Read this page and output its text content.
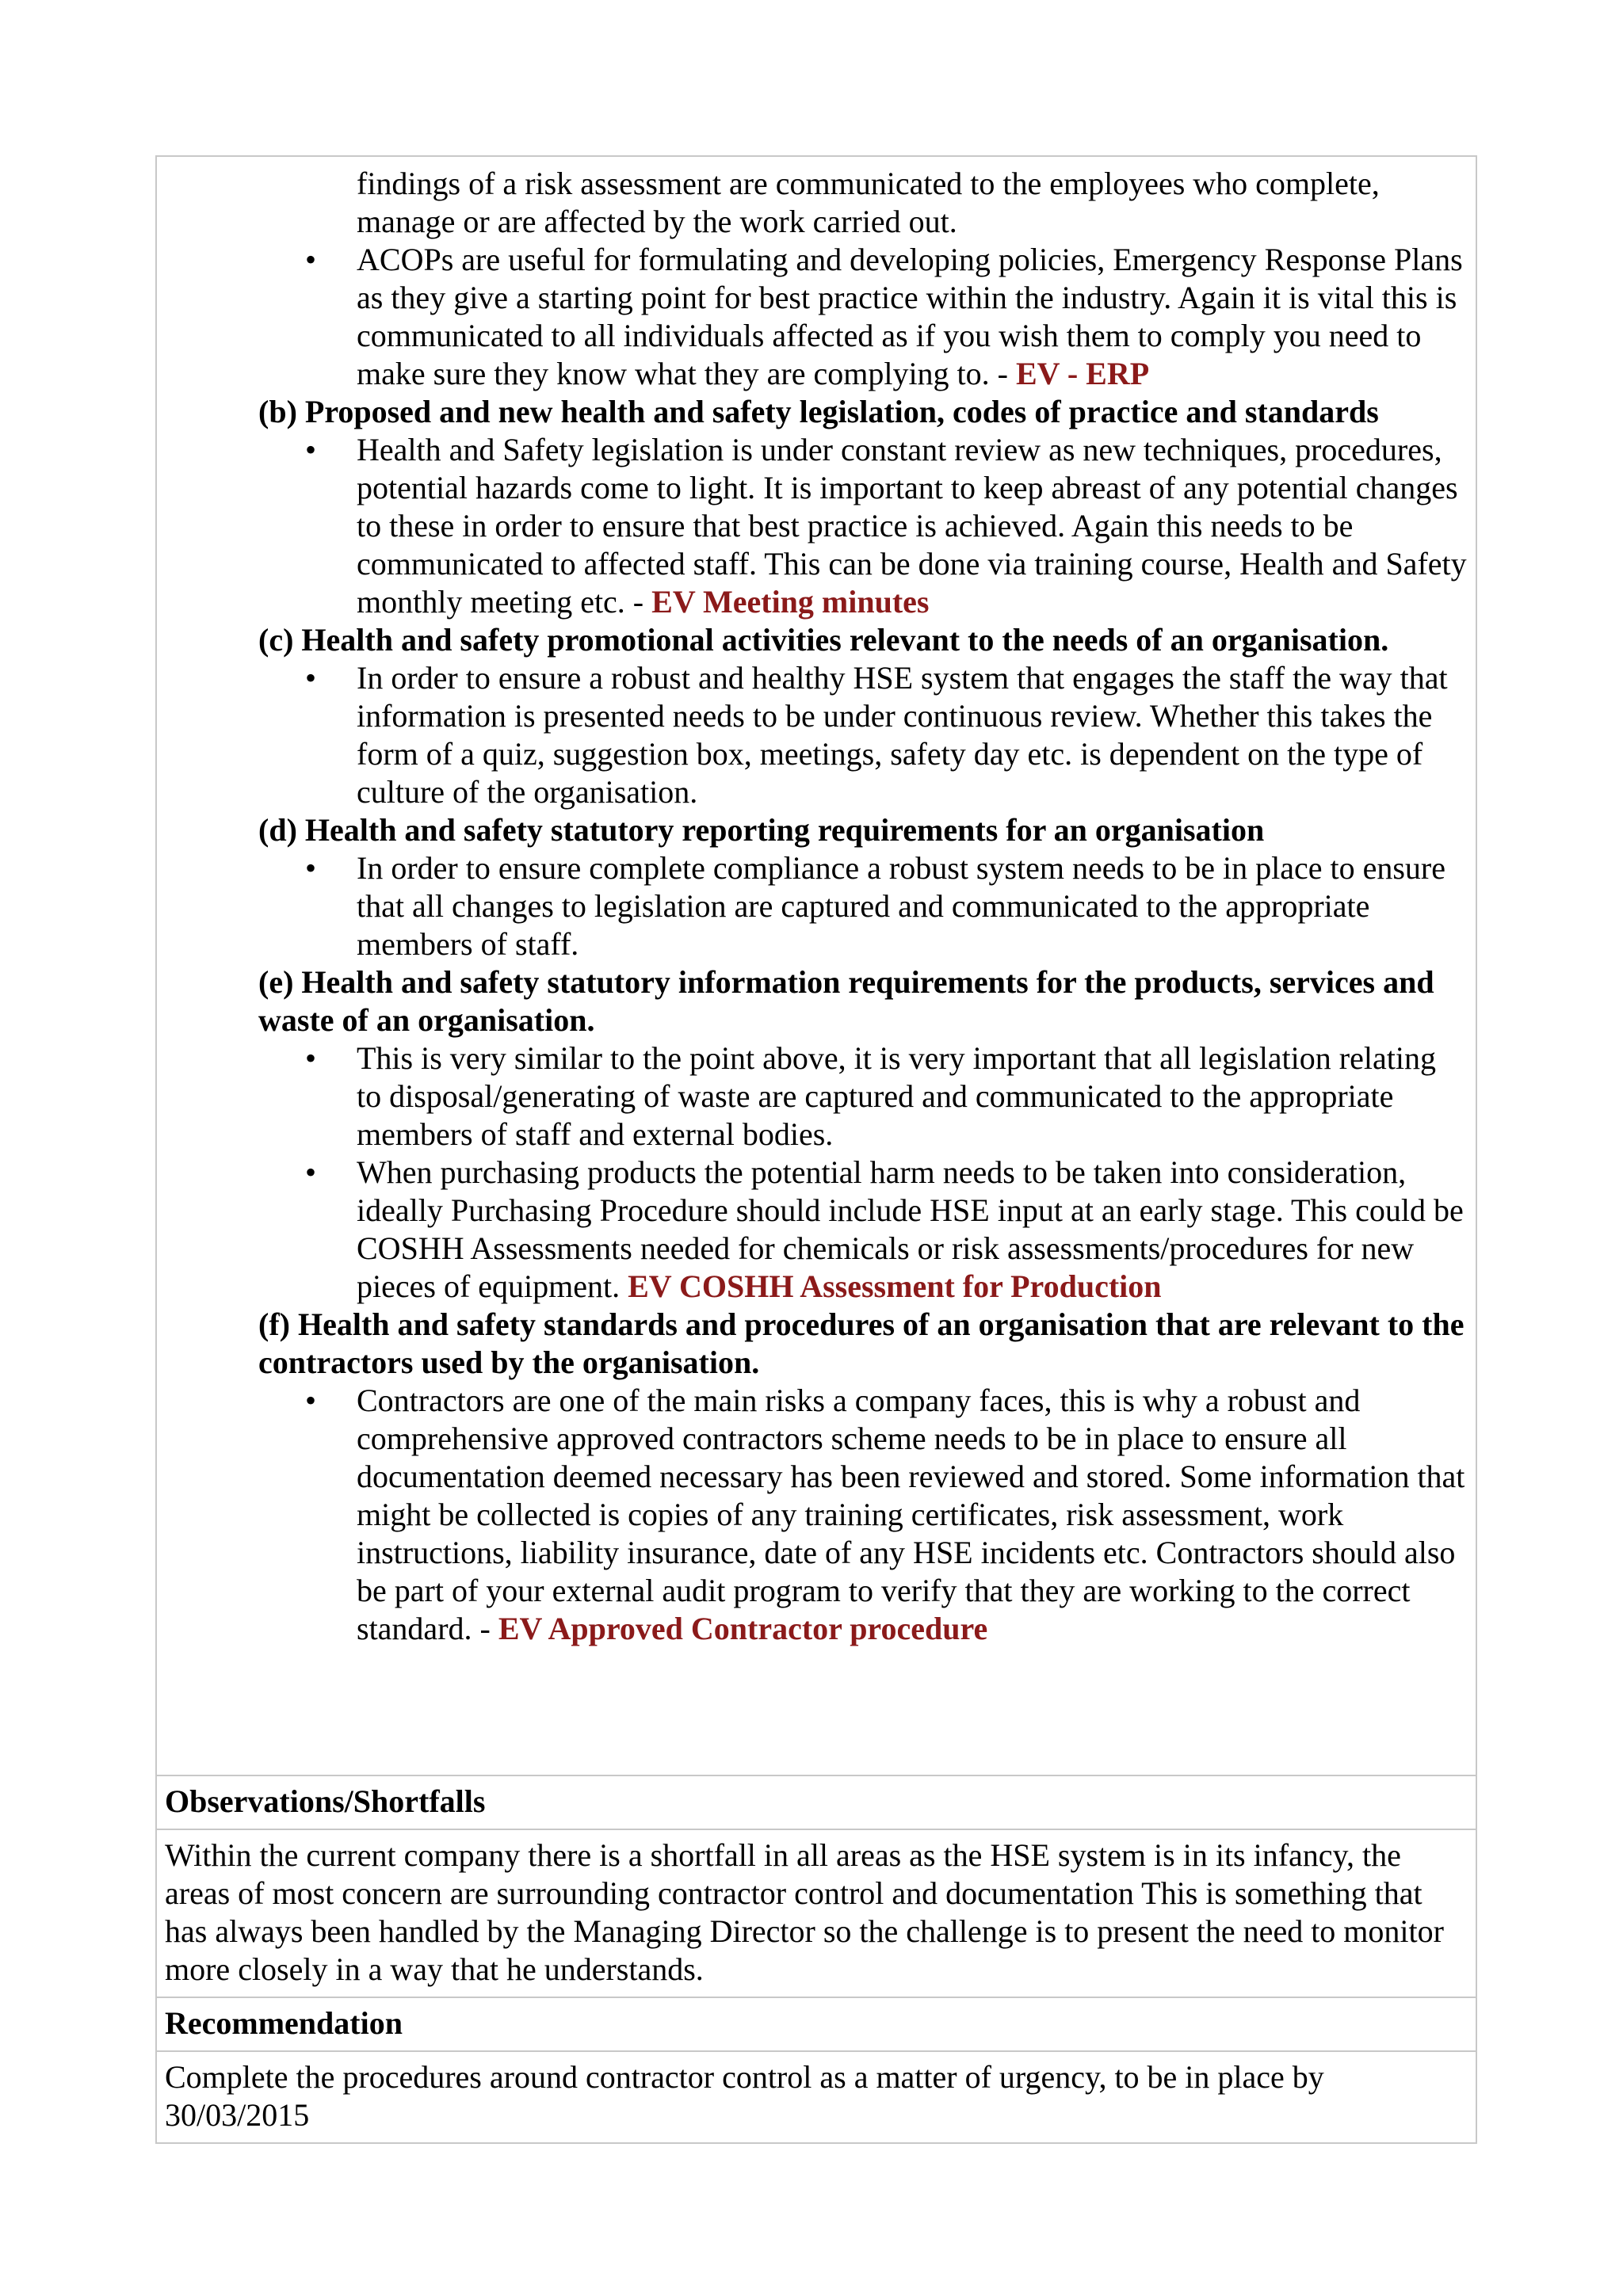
findings of a risk assessment are communicated to the employees who complete, manage or are affected by the work carried out.

• ACOPs are useful for formulating and developing policies, Emergency Response Plans as they give a starting point for best practice within the industry. Again it is vital this is communicated to all individuals affected as if you wish them to comply you need to make sure they know what they are complying to. - EV - ERP

(b) Proposed and new health and safety legislation, codes of practice and standards

• Health and Safety legislation is under constant review as new techniques, procedures, potential hazards come to light. It is important to keep abreast of any potential changes to these in order to ensure that best practice is achieved. Again this needs to be communicated to affected staff. This can be done via training course, Health and Safety monthly meeting etc. - EV Meeting minutes

(c) Health and safety promotional activities relevant to the needs of an organisation.

• In order to ensure a robust and healthy HSE system that engages the staff the way that information is presented needs to be under continuous review. Whether this takes the form of a quiz, suggestion box, meetings, safety day etc. is dependent on the type of culture of the organisation.

(d) Health and safety statutory reporting requirements for an organisation

• In order to ensure complete compliance a robust system needs to be in place to ensure that all changes to legislation are captured and communicated to the appropriate members of staff.

(e) Health and safety statutory information requirements for the products, services and waste of an organisation.

• This is very similar to the point above, it is very important that all legislation relating to disposal/generating of waste are captured and communicated to the appropriate members of staff and external bodies.
• When purchasing products the potential harm needs to be taken into consideration, ideally Purchasing Procedure should include HSE input at an early stage. This could be COSHH Assessments needed for chemicals or risk assessments/procedures for new pieces of equipment. EV COSHH Assessment for Production

(f) Health and safety standards and procedures of an organisation that are relevant to the contractors used by the organisation.

• Contractors are one of the main risks a company faces, this is why a robust and comprehensive approved contractors scheme needs to be in place to ensure all documentation deemed necessary has been reviewed and stored. Some information that might be collected is copies of any training certificates, risk assessment, work instructions, liability insurance, date of any HSE incidents etc. Contractors should also be part of your external audit program to verify that they are working to the correct standard. - EV Approved Contractor procedure

Observations/Shortfalls
Within the current company there is a shortfall in all areas as the HSE system is in its infancy, the areas of most concern are surrounding contractor control and documentation This is something that has always been handled by the Managing Director so the challenge is to present the need to monitor more closely in a way that he understands.
Recommendation
Complete the procedures around contractor control as a matter of urgency, to be in place by 30/03/2015
